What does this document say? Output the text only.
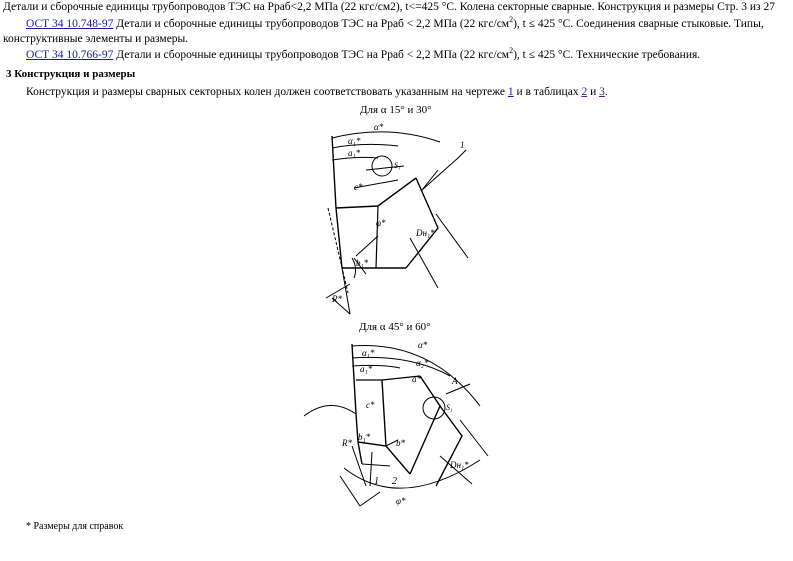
Детали и сборочные единицы трубопроводов ТЭС на Рраб<2,2 МПа (22 кгс/см2), t<=425 °С. Колена секторные сварные. Конструкция и размеры Стр. 3 из 27
ОСТ 34 10.748-97 Детали и сборочные единицы трубопроводов ТЭС на Рраб < 2,2 МПа (22 кгс/$см^2$), t ≤ 425 °С. Соединения сварные стыковые. Типы,
конструктивные элементы и размеры.
ОСТ 34 10.766-97 Детали и сборочные единицы трубопроводов ТЭС на Рраб < 2,2 МПа (22 кгс/$см^2$), t ≤ 425 °С. Технические требования.
3 Конструкция и размеры
Конструкция и размеры сварных секторных колен должен соответствовать указанным на чертеже 1 и в таблицах 2 и 3.
Для α 15° и 30°
α*
α₁*
a₁*
S₁
c*
φ*
Dн₁*
b₁*
R*
1
Для α 45° и 60°
α*
α₁*
α₂*
a₁*
a*	A
S₁
c*
R*
b₁*
b*
Dн₁*
1 2
φ*
* Размеры для справок
